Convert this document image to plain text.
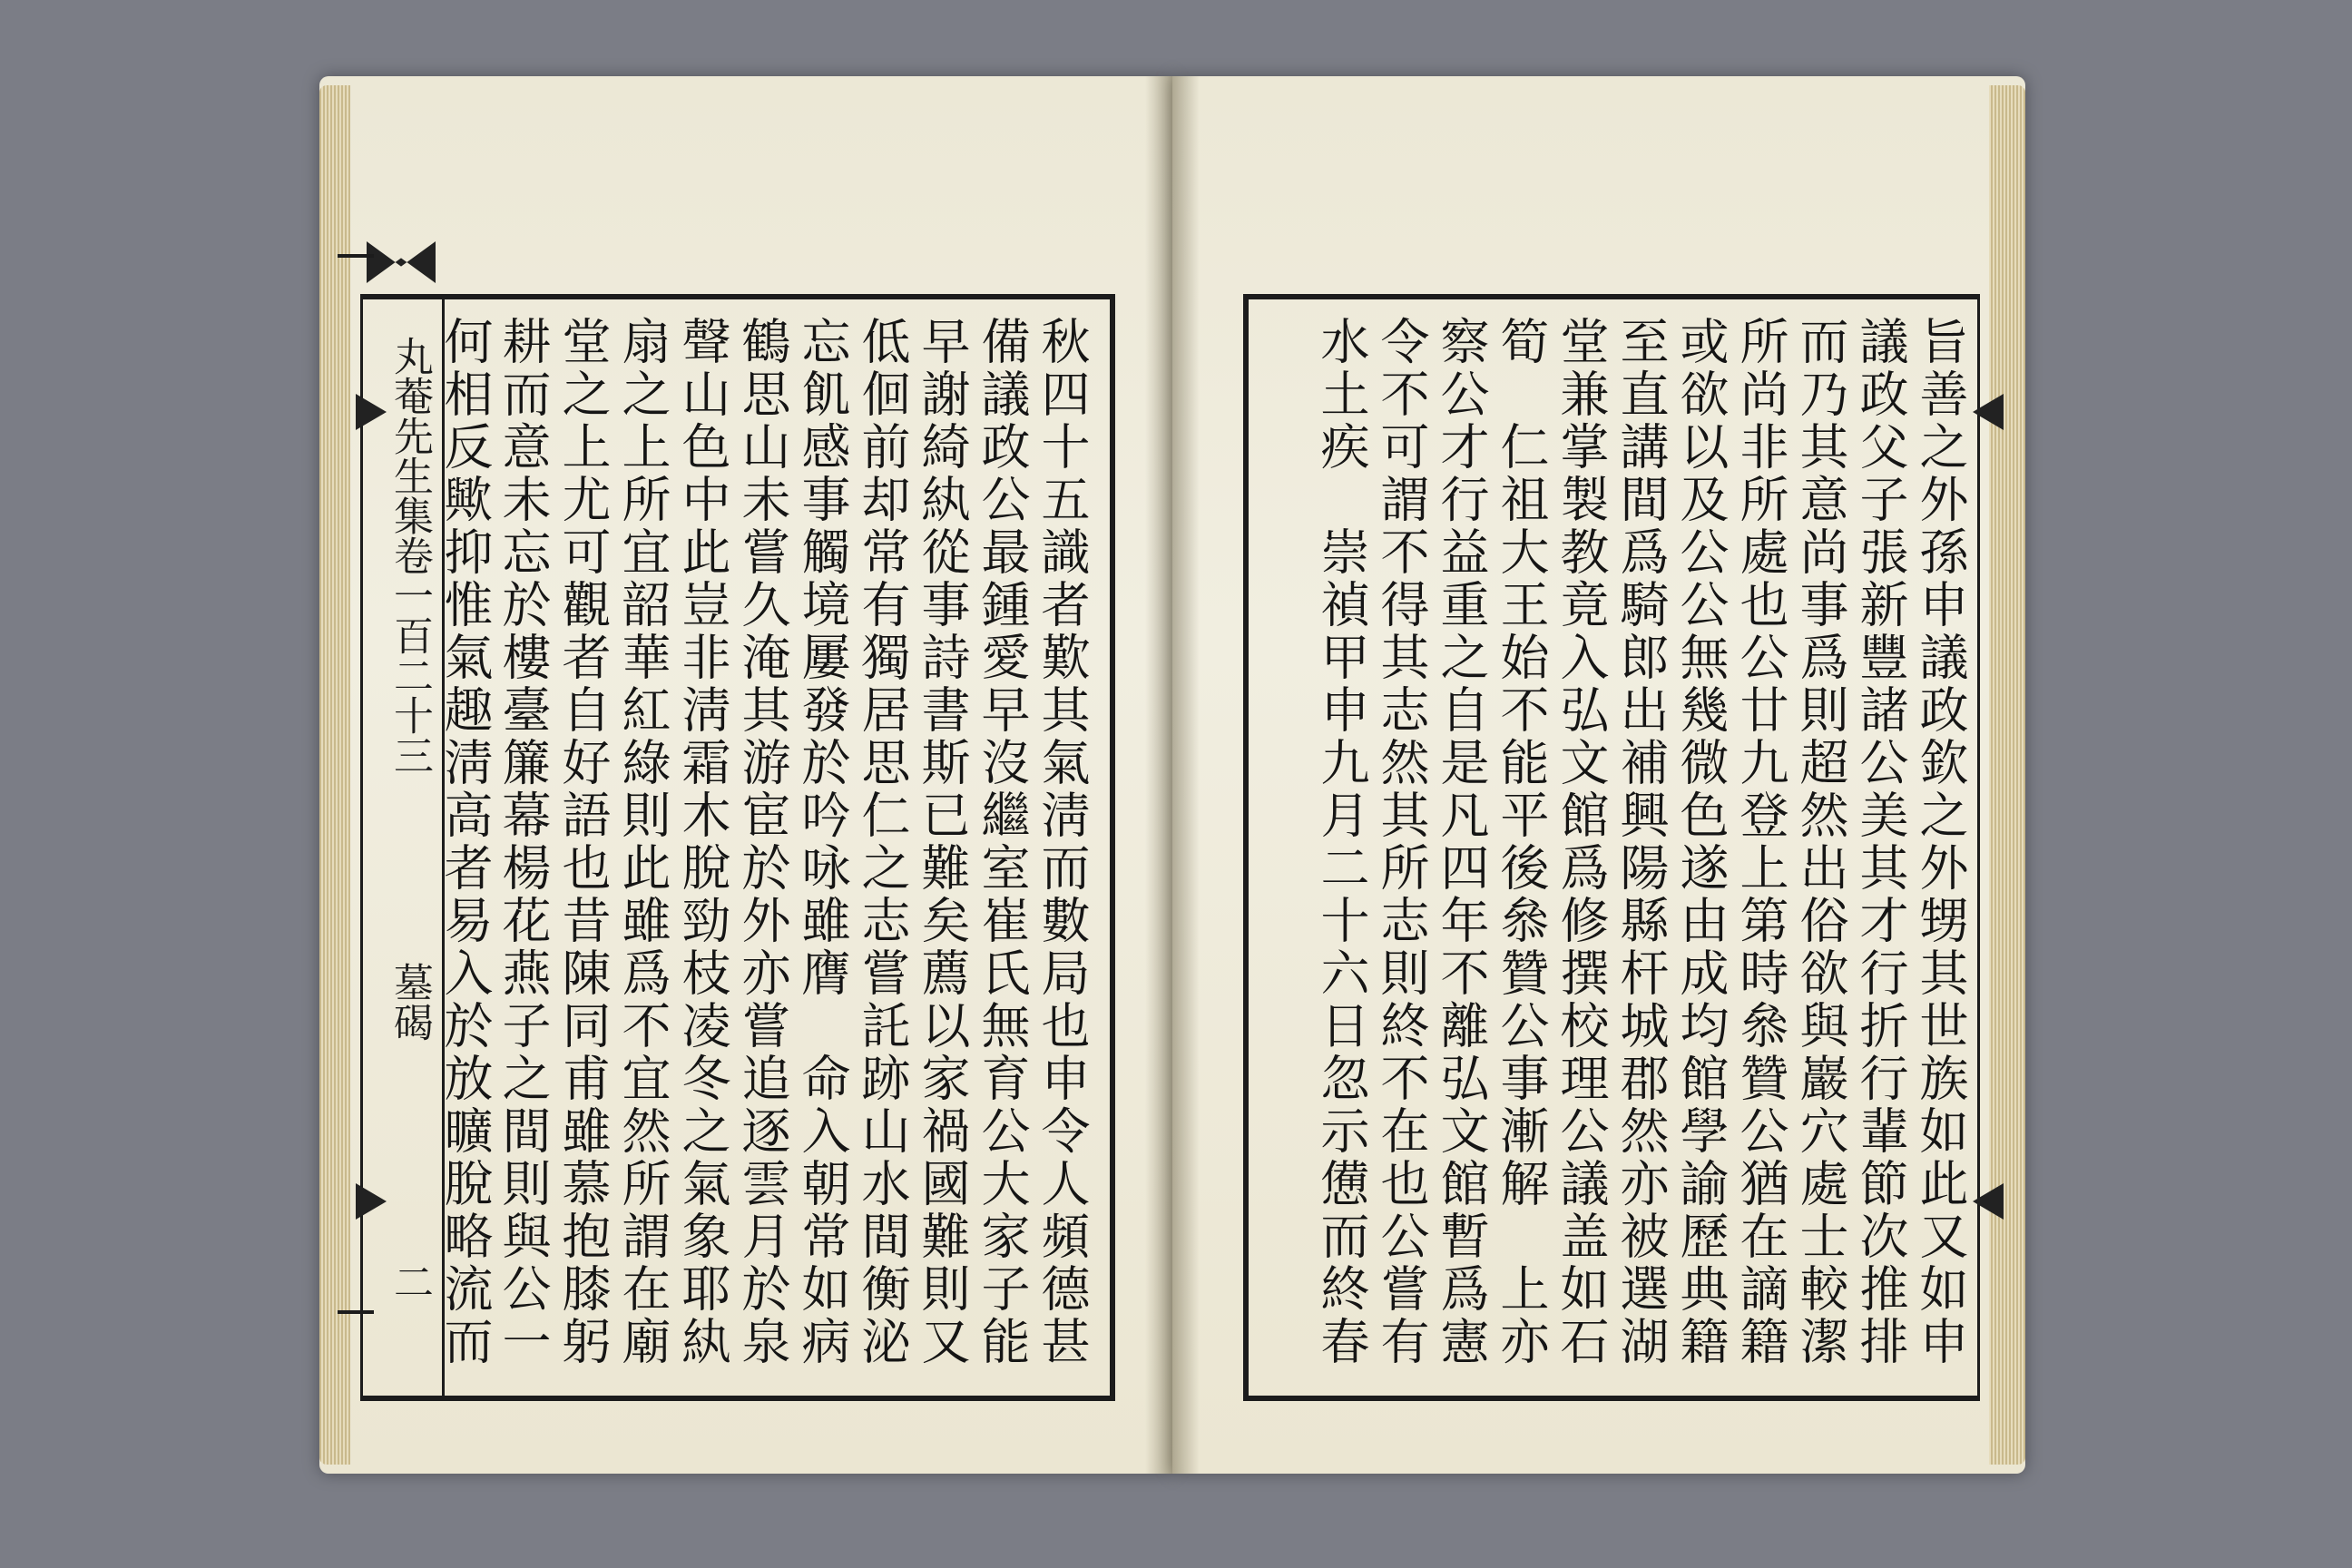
丸菴先生集卷一百二十三
墓碣
二	秋四十五識者歎其氣淸而數局也申令人頻德甚
備議政公最鍾愛早沒繼室崔氏無育公大家子能
早謝綺紈從事詩書斯已難矣薦以家禍國難則又
低佪前却常有獨居思仁之志嘗託跡山水間衡泌
忘飢感事觸境屢發於吟咏雖膺　命入朝常如病
鶴思山未嘗久淹其游宦於外亦嘗追逐雲月於泉
聲山色中此豈非淸霜木脫勁枝凌冬之氣象耶紈
扇之上所宜韶華紅綠則此雖爲不宜然所謂在廟
堂之上尤可觀者自好語也昔陳同甫雖慕抱膝躬
耕而意未忘於樓臺簾幕楊花燕子之間則與公一
何相反歟抑惟氣趣淸高者易入於放曠脫略流而	旨善之外孫申議政欽之外甥其世族如此又如申
議政父子張新豐諸公美其才行折行輩節次推排
而乃其意尚事爲則超然出俗欲與巖穴處士較潔
所尚非所處也公廿九登上第時叅贊公猶在謫籍
或欲以及公公無幾微色遂由成均館學諭歷典籍
至直講間爲騎郎出補興陽縣杆城郡然亦被選湖
堂兼掌製教竟入弘文館爲修撰校理公議盖如石
筍　仁祖大王始不能平後叅贊公事漸解　上亦
察公才行益重之自是凡四年不離弘文館暫爲憲
令不可謂不得其志然其所志則終不在也公嘗有
水土疾　崇禎甲申九月二十六日忽示憊而終春
